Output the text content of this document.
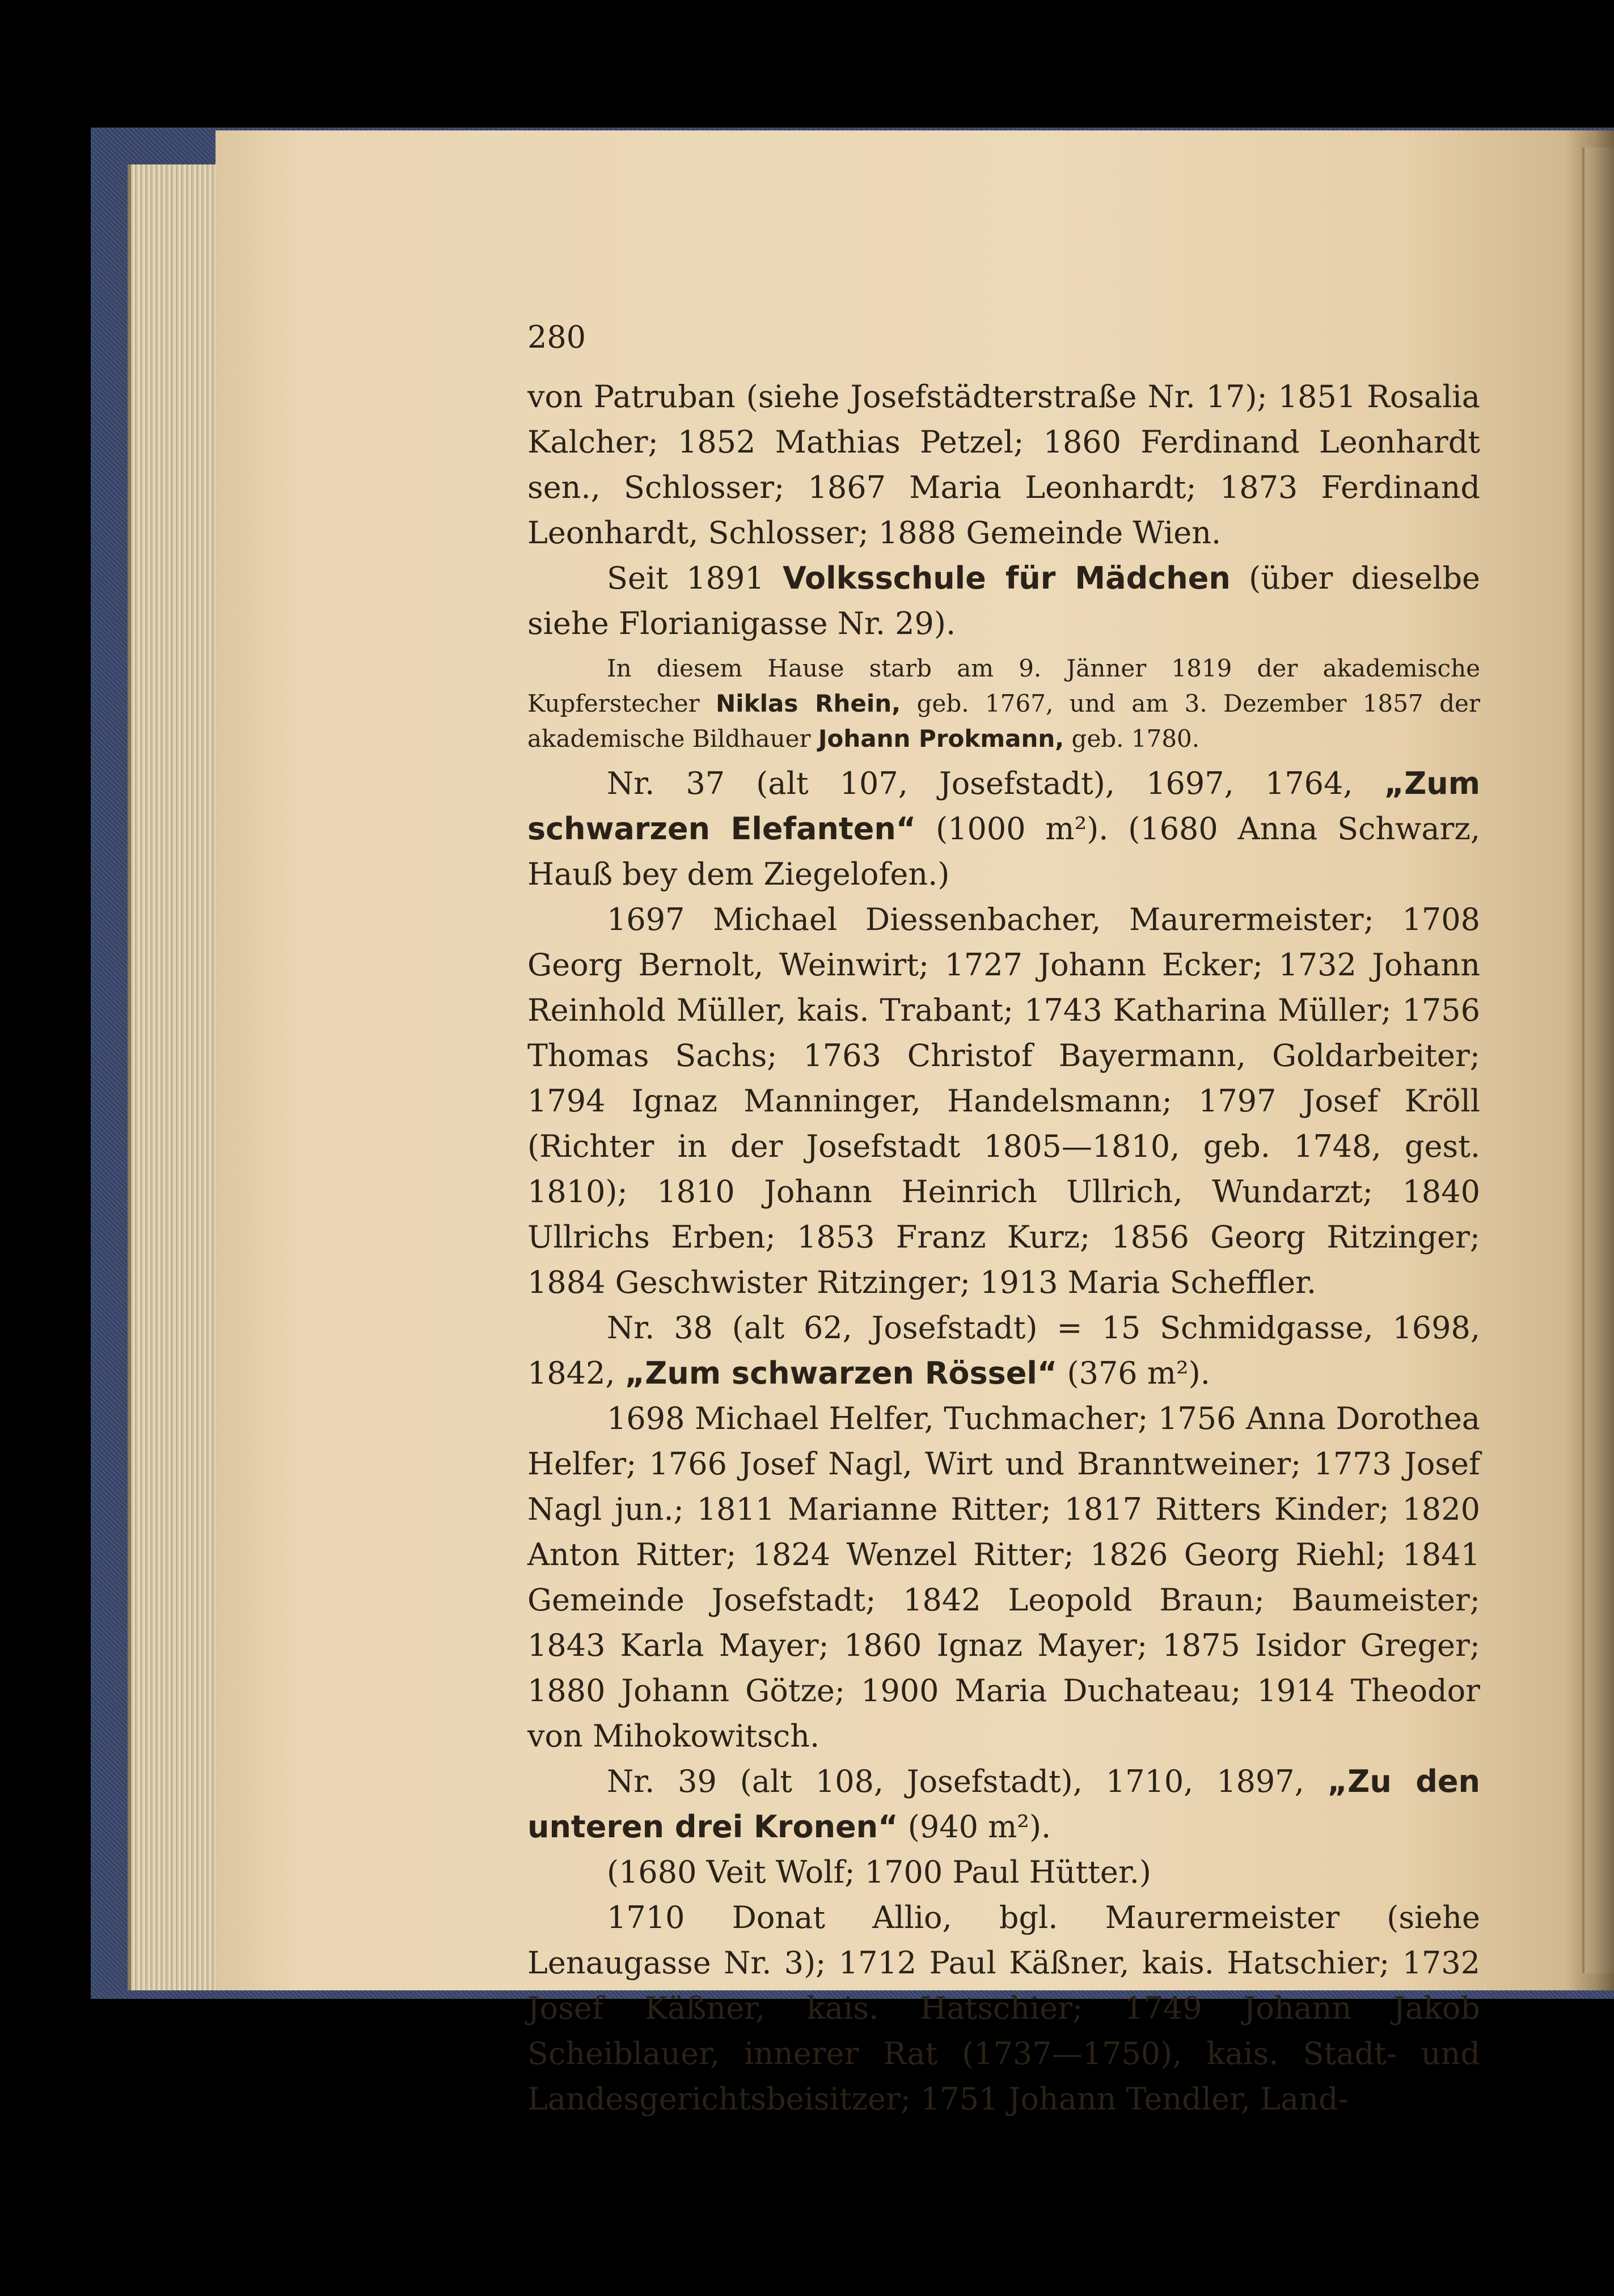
280

von Patruban (siehe Josefstädterstraße Nr. 17); 1851 Rosalia Kalcher; 1852 Mathias Petzel; 1860 Ferdinand Leonhardt sen., Schlosser; 1867 Maria Leonhardt; 1873 Ferdinand Leonhardt, Schlosser; 1888 Gemeinde Wien.

Seit 1891 Volksschule für Mädchen (über dieselbe siehe Florianigasse Nr. 29).

In diesem Hause starb am 9. Jänner 1819 der akademische Kupferstecher Niklas Rhein, geb. 1767, und am 3. Dezember 1857 der akademische Bildhauer Johann Prokmann, geb. 1780.

Nr. 37 (alt 107, Josefstadt), 1697, 1764, „Zum schwarzen Elefanten“ (1000 m²). (1680 Anna Schwarz, Hauß bey dem Ziegelofen.)

1697 Michael Diessenbacher, Maurermeister; 1708 Georg Bernolt, Weinwirt; 1727 Johann Ecker; 1732 Johann Reinhold Müller, kais. Trabant; 1743 Katharina Müller; 1756 Thomas Sachs; 1763 Christof Bayermann, Goldarbeiter; 1794 Ignaz Manninger, Handelsmann; 1797 Josef Kröll (Richter in der Josefstadt 1805—1810, geb. 1748, gest. 1810); 1810 Johann Heinrich Ullrich, Wundarzt; 1840 Ullrichs Erben; 1853 Franz Kurz; 1856 Georg Ritzinger; 1884 Geschwister Ritzinger; 1913 Maria Scheffler.

Nr. 38 (alt 62, Josefstadt) = 15 Schmidgasse, 1698, 1842, „Zum schwarzen Rössel“ (376 m²).

1698 Michael Helfer, Tuchmacher; 1756 Anna Dorothea Helfer; 1766 Josef Nagl, Wirt und Branntweiner; 1773 Josef Nagl jun.; 1811 Marianne Ritter; 1817 Ritters Kinder; 1820 Anton Ritter; 1824 Wenzel Ritter; 1826 Georg Riehl; 1841 Gemeinde Josefstadt; 1842 Leopold Braun; Baumeister; 1843 Karla Mayer; 1860 Ignaz Mayer; 1875 Isidor Greger; 1880 Johann Götze; 1900 Maria Duchateau; 1914 Theodor von Mihokowitsch.

Nr. 39 (alt 108, Josefstadt), 1710, 1897, „Zu den unteren drei Kronen“ (940 m²).

(1680 Veit Wolf; 1700 Paul Hütter.)

1710 Donat Allio, bgl. Maurermeister (siehe Lenaugasse Nr. 3); 1712 Paul Käßner, kais. Hatschier; 1732 Josef Käßner, kais. Hatschier; 1749 Johann Jakob Scheiblauer, innerer Rat (1737—1750), kais. Stadt- und Landesgerichtsbeisitzer; 1751 Johann Tendler, Land-
